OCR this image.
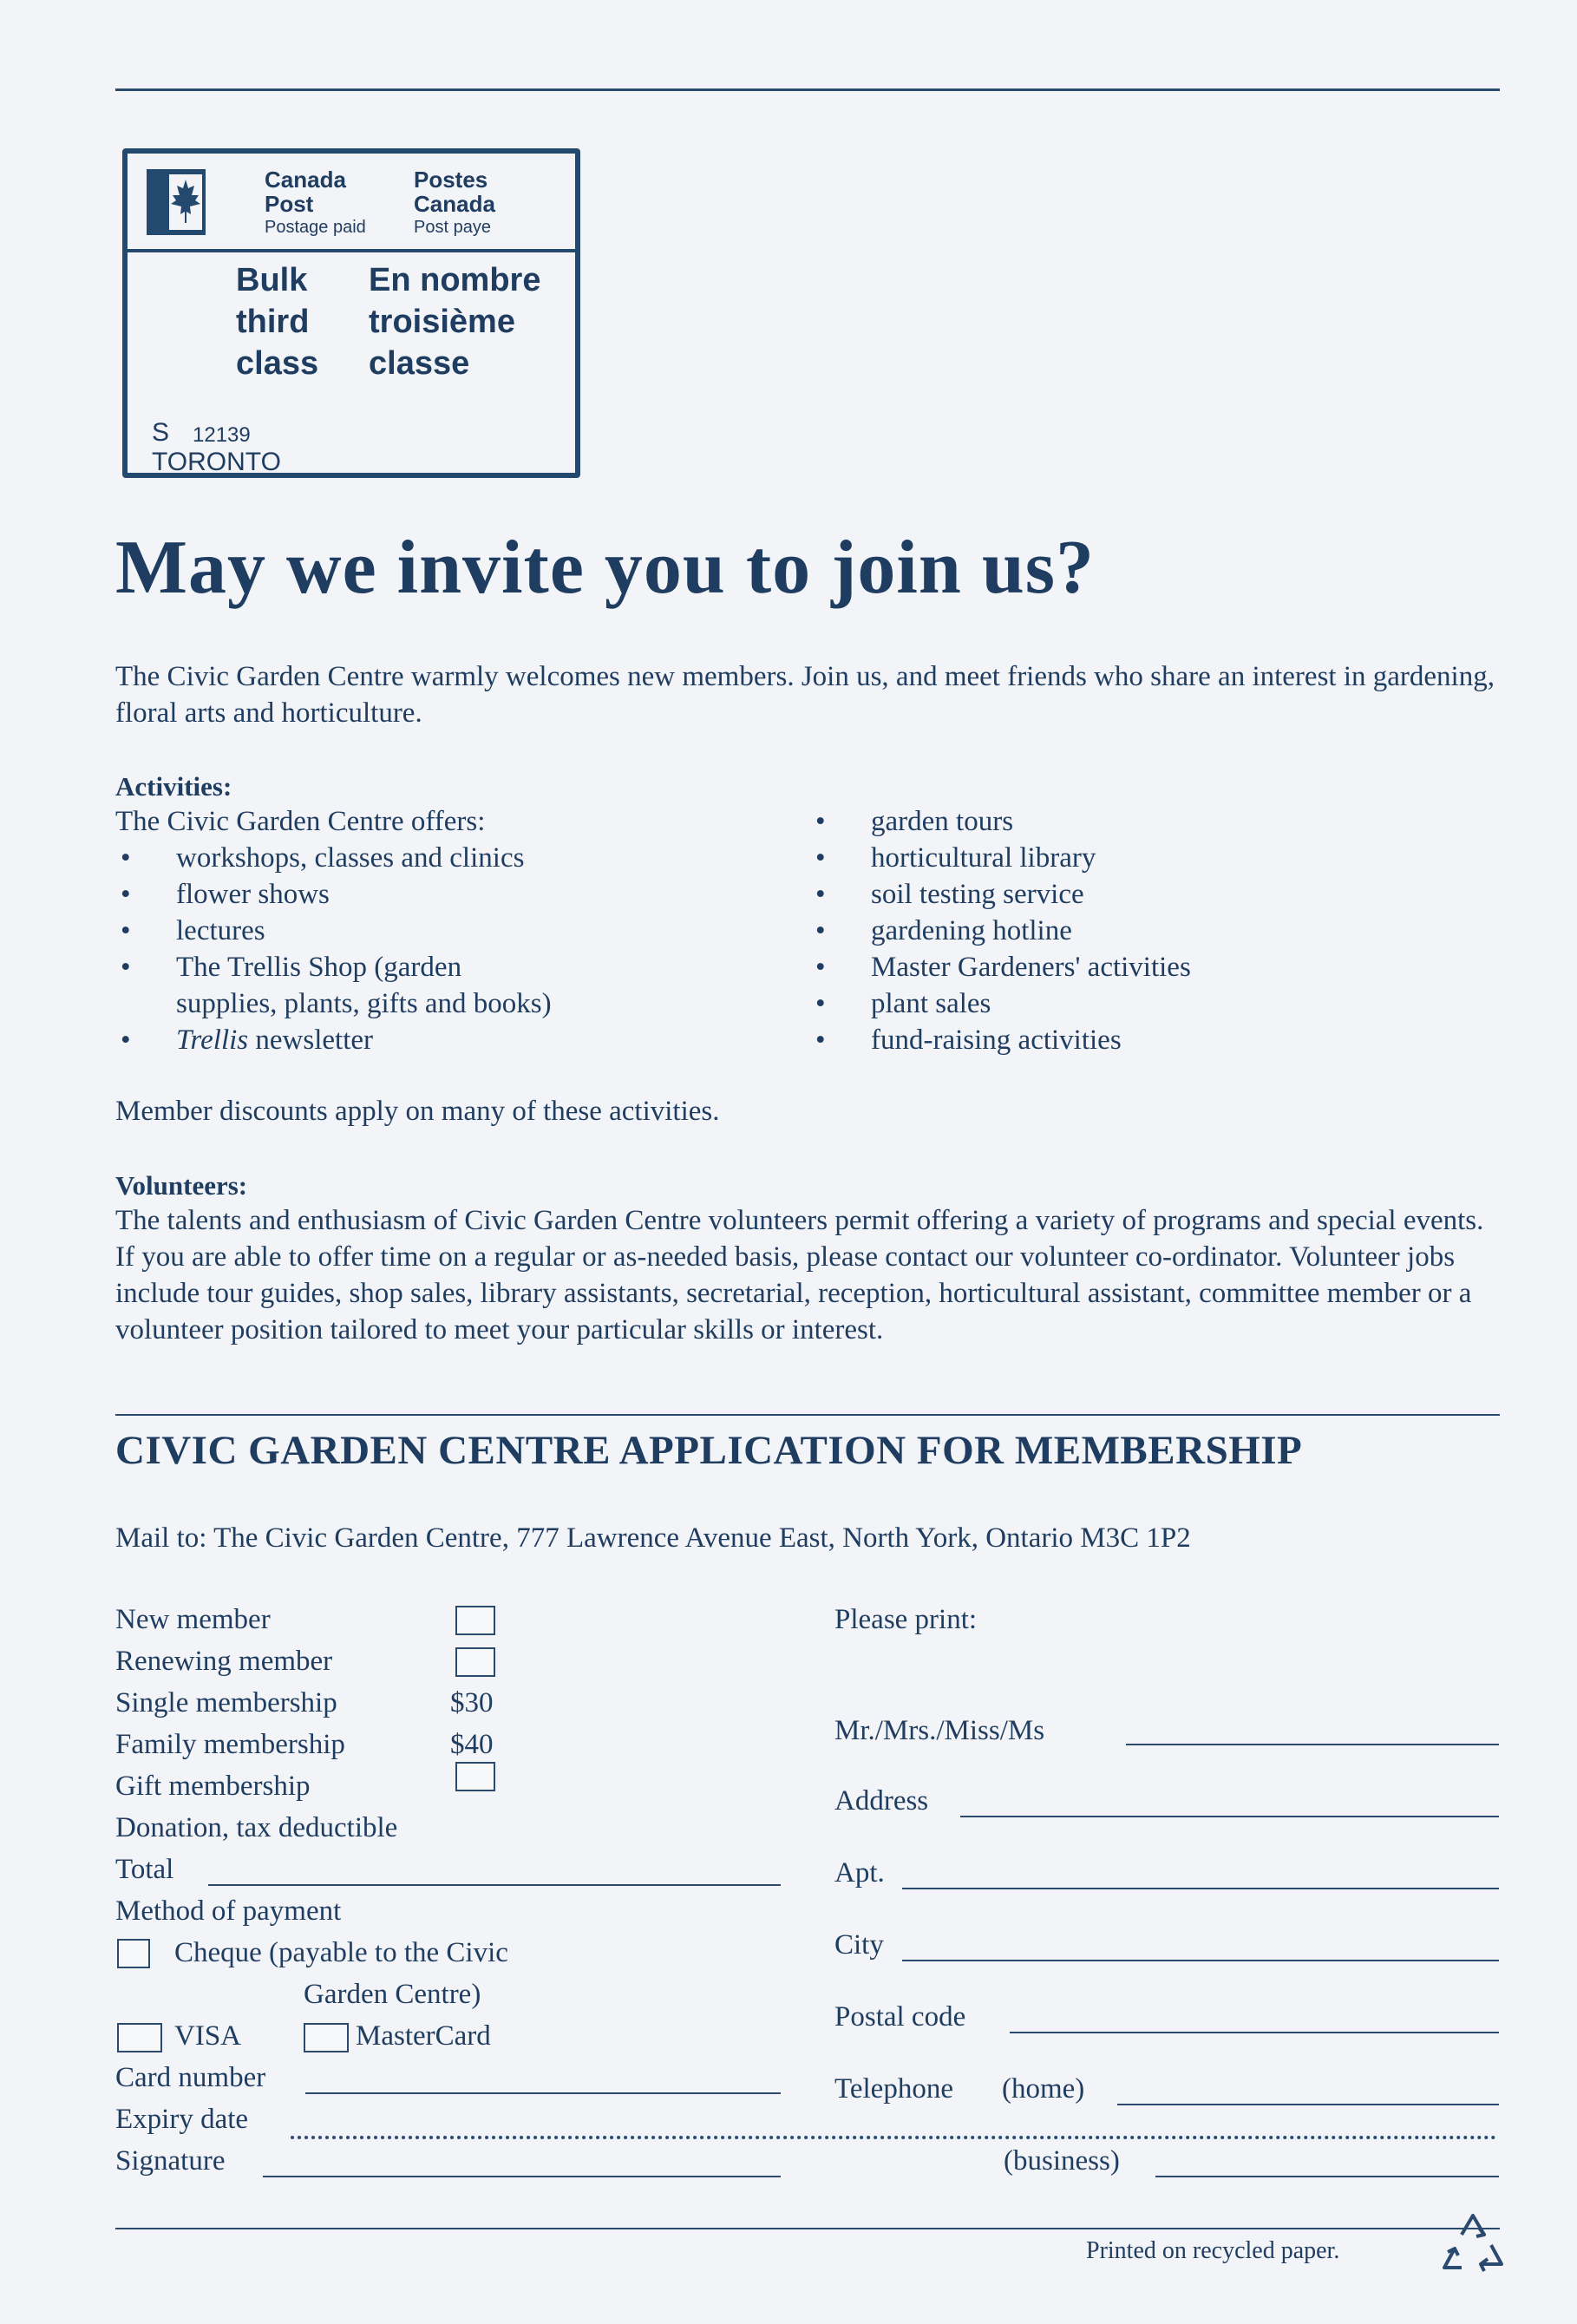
Canada
Post
Postage paid
Postes
Canada
Post paye
Bulk
third
class
En nombre
troisième
classe
S 12139
TORONTO
May we invite you to join us?
The Civic Garden Centre warmly welcomes new members. Join us, and meet friends who share an interest in gardening, floral arts and horticulture.
Activities:
The Civic Garden Centre offers:
• workshops, classes and clinics
• flower shows
• lectures
• The Trellis Shop (garden
supplies, plants, gifts and books)
• Trellis newsletter
• garden tours
• horticultural library
• soil testing service
• gardening hotline
• Master Gardeners' activities
• plant sales
• fund-raising activities
Member discounts apply on many of these activities.
Volunteers:
The talents and enthusiasm of Civic Garden Centre volunteers permit offering a variety of programs and special events. If you are able to offer time on a regular or as-needed basis, please contact our volunteer co-ordinator. Volunteer jobs include tour guides, shop sales, library assistants, secretarial, reception, horticultural assistant, committee member or a volunteer position tailored to meet your particular skills or interest.
CIVIC GARDEN CENTRE APPLICATION FOR MEMBERSHIP
Mail to: The Civic Garden Centre, 777 Lawrence Avenue East, North York, Ontario M3C 1P2
New member
Renewing member
Single membership	$30
Family membership	$40
Gift membership
Donation, tax deductible
Total
Method of payment
Cheque (payable to the Civic
Garden Centre)
VISA	MasterCard
Card number
Expiry date
Signature
Please print:
Mr./Mrs./Miss/Ms
Address
Apt.
City
Postal code
Telephone (home)
(business)
Printed on recycled paper.
